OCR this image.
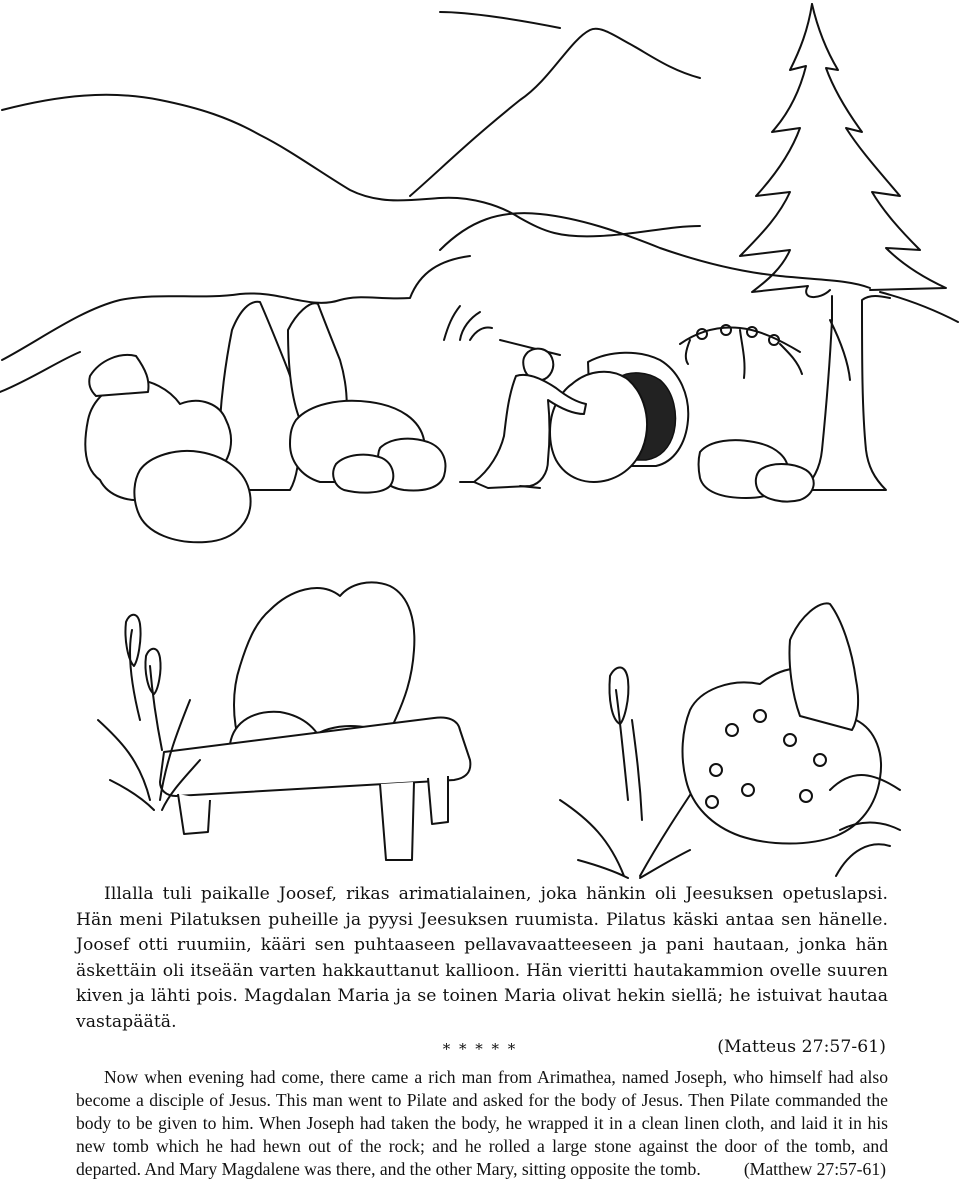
Illalla tuli paikalle Joosef, rikas arimatialainen, joka hänkin oli Jeesuksen opetuslapsi. Hän meni Pilatuksen puheille ja pyysi Jeesuksen ruumista. Pilatus käski antaa sen hänelle. Joosef otti ruumiin, kääri sen puhtaaseen pellavavaatteeseen ja pani hautaan, jonka hän äskettäin oli itseään varten hakkauttanut kallioon. Hän vieritti hautakammion ovelle suuren kiven ja lähti pois. Magdalan Maria ja se toinen Maria olivat hekin siellä; he istuivat hautaa vastapäätä.

(Matteus 27:57-61)

* * * * *

Now when evening had come, there came a rich man from Arimathea, named Joseph, who himself had also become a disciple of Jesus. This man went to Pilate and asked for the body of Jesus. Then Pilate commanded the body to be given to him. When Joseph had taken the body, he wrapped it in a clean linen cloth, and laid it in his new tomb which he had hewn out of the rock; and he rolled a large stone against the door of the tomb, and departed. And Mary Magdalene was there, and the other Mary, sitting opposite the tomb.	(Matthew 27:57-61)
